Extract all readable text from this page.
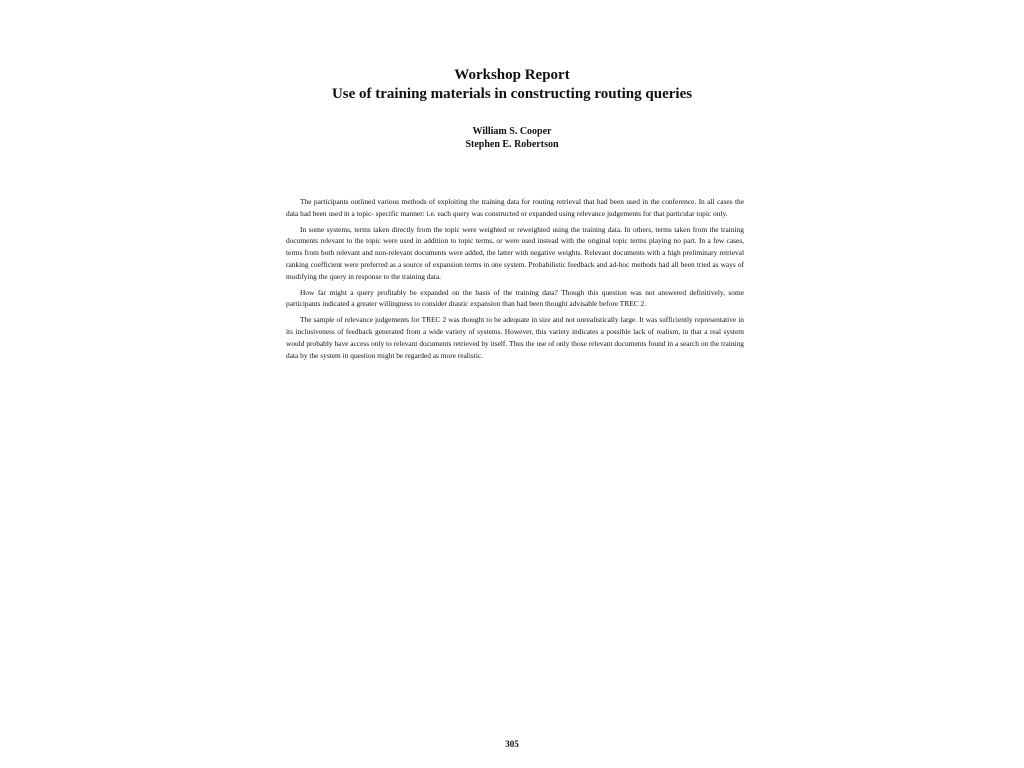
Workshop Report
Use of training materials in constructing routing queries
William S. Cooper
Stephen E. Robertson

The participants outlined various methods of exploiting the training data for routing retrieval that had been used in the conference. In all cases the data had been used in a topic- specific manner: i.e. each query was constructed or expanded using relevance judgements for that particular topic only.

In some systems, terms taken directly from the topic were weighted or reweighted using the training data. In others, terms taken from the training documents relevant to the topic were used in addition to topic terms, or were used instead with the original topic terms playing no part. In a few cases, terms from both relevant and non-relevant documents were added, the latter with negative weights. Relevant documents with a high preliminary retrieval ranking coefficient were preferred as a source of expansion terms in one system. Probabilistic feedback and ad-hoc methods had all been tried as ways of modifying the query in response to the training data.

How far might a query profitably be expanded on the basis of the training data? Though this question was not answered definitively, some participants indicated a greater willingness to consider drastic expansion than had been thought advisable before TREC 2.

The sample of relevance judgements for TREC 2 was thought to be adequate in size and not unrealistically large. It was sufficiently representative in its inclusiveness of feedback generated from a wide variety of systems. However, this variety indicates a possible lack of realism, in that a real system would probably have access only to relevant documents retrieved by itself. Thus the use of only those relevant documents found in a search on the training data by the system in question might be regarded as more realistic.

305
